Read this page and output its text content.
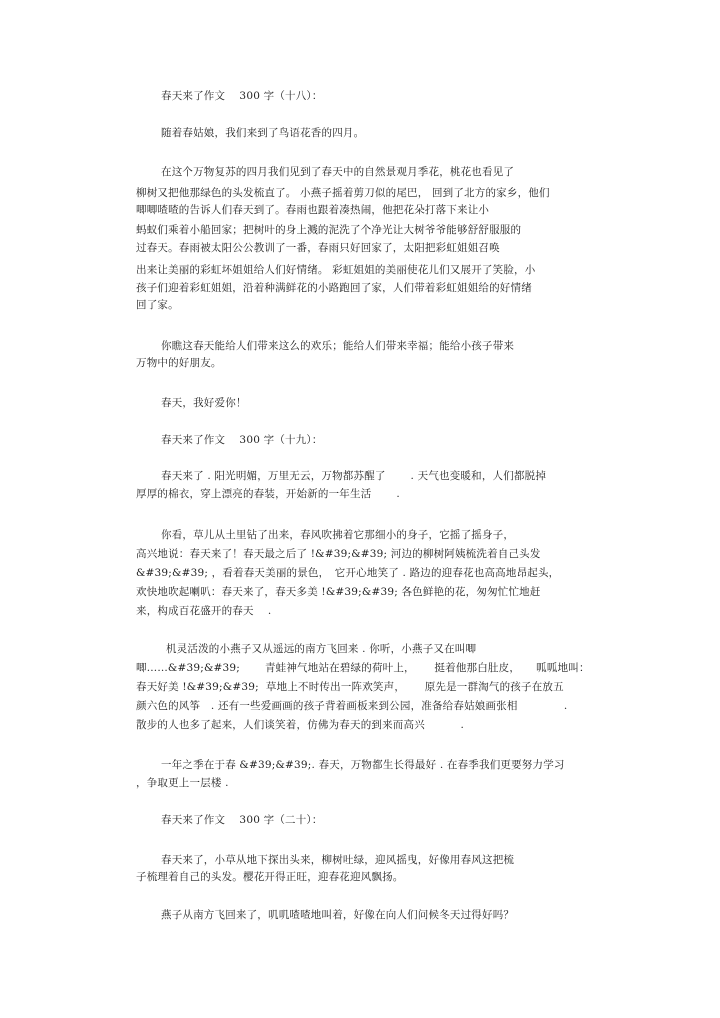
春天来了作文　 300 字（十八）：
随着春姑娘，我们来到了鸟语花香的四月。
在这个万物复苏的四月我们见到了春天中的自然景观月季花，桃花也看见了
柳树又把他那绿色的头发梳直了。 小燕子摇着剪刀似的尾巴， 回到了北方的家乡，他们
唧唧喳喳的告诉人们春天到了。春雨也跟着凑热闹，他把花朵打落下来让小
蚂蚁们乘着小船回家；把树叶的身上溅的泥洗了个净光让大树爷爷能够舒舒服服的
过春天。春雨被太阳公公教训了一番，春雨只好回家了，太阳把彩虹姐姐召唤
出来让美丽的彩虹坏姐姐给人们好情绪。 彩虹姐姐的美丽使花儿们又展开了笑脸，小
孩子们迎着彩虹姐姐，沿着种满鲜花的小路跑回了家，人们带着彩虹姐姐给的好情绪
回了家。
你瞧这春天能给人们带来这么的欢乐；能给人们带来幸福；能给小孩子带来
万物中的好朋友。
春天，我好爱你！
春天来了作文　 300 字（十九）：
春天来了 . 阳光明媚，万里无云，万物都苏醒了　　 . 天气也变暖和，人们都脱掉
厚厚的棉衣，穿上漂亮的春装，开始新的一年生活　　 .
你看，草儿从土里钻了出来，春风吹拂着它那细小的身子，它摇了摇身子，
高兴地说：春天来了！春天最之后了 !&#39;&#39; 河边的柳树阿姨梳洗着自己头发
&#39;&#39; ，看着春天美丽的景色，　它开心地笑了 . 路边的迎春花也高高地昂起头，
欢快地吹起喇叭：春天来了，春天多美 !&#39;&#39; 各色鲜艳的花，匆匆忙忙地赶
来，构成百花盛开的春天　 .
机灵活泼的小燕子又从遥远的南方飞回来 . 你听，小燕子又在叫唧
唧......&#39;&#39;　　 青蛙神气地站在碧绿的荷叶上，　　 挺着他那白肚皮，　　呱呱地叫：
春天好美 !&#39;&#39;  草地上不时传出一阵欢笑声，　　 原先是一群淘气的孩子在放五
颜六色的风筝　. 还有一些爱画画的孩子背着画板来到公园，准备给春姑娘画张相　　　　 .
散步的人也多了起来，人们谈笑着，仿佛为春天的到来而高兴　　　 .
一年之季在于春 &#39;&#39;. 春天，万物都生长得最好 . 在春季我们更要努力学习
，争取更上一层楼 .
春天来了作文　 300 字（二十）：
春天来了，小草从地下探出头来，柳树吐绿，迎风摇曳，好像用春风这把梳
子梳理着自己的头发。樱花开得正旺，迎春花迎风飘扬。
燕子从南方飞回来了，叽叽喳喳地叫着，好像在向人们问候冬天过得好吗？
